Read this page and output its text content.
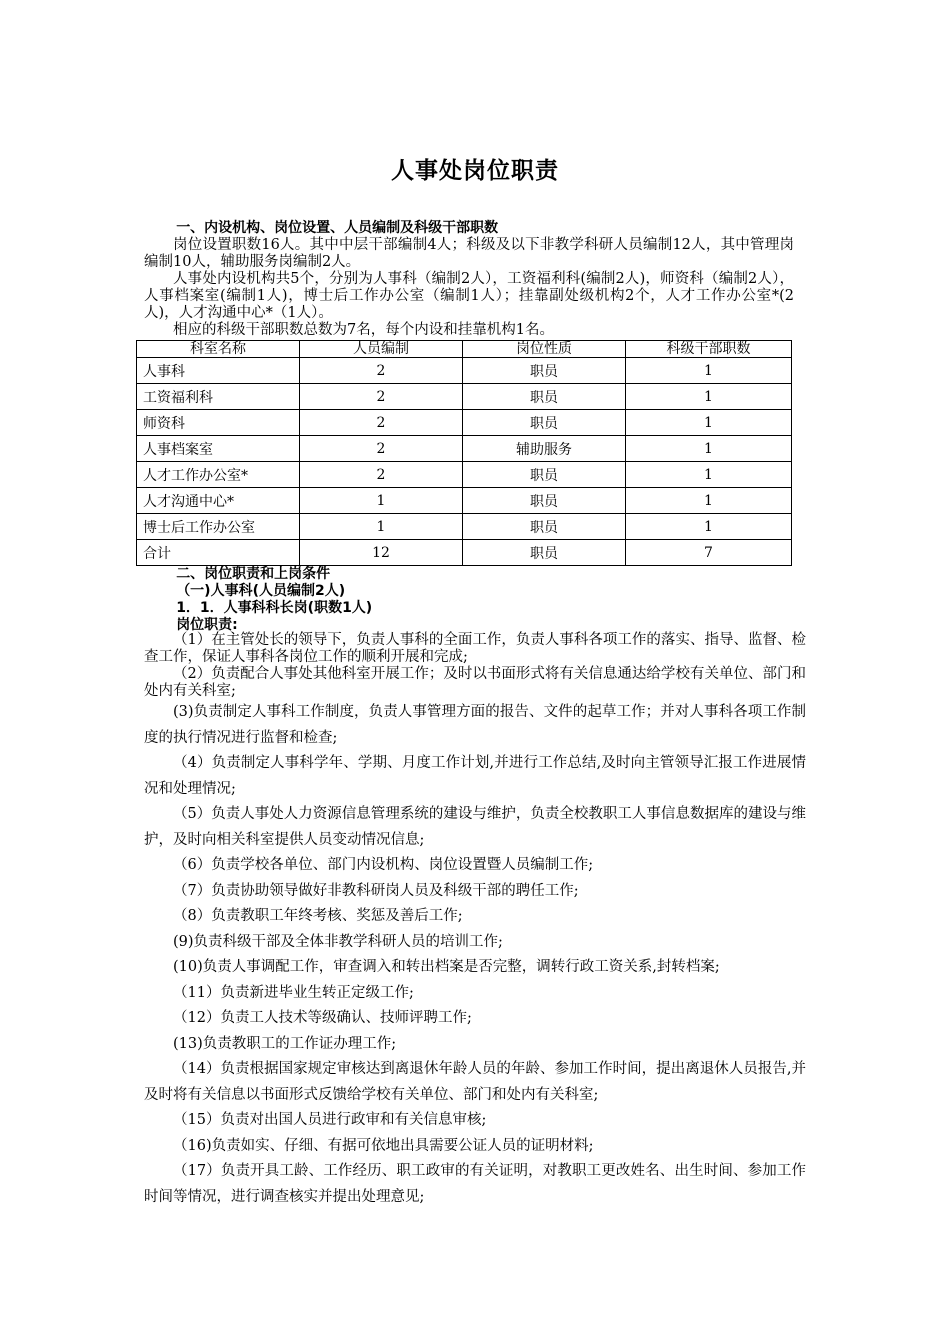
人事处岗位职责

一、内设机构、岗位设置、人员编制及科级干部职数

岗位设置职数16人。其中中层干部编制4人；科级及以下非教学科研人员编制12人，其中管理岗编制10人，辅助服务岗编制2人。

人事处内设机构共5个，分别为人事科（编制2人），工资福利科(编制2人)，师资科（编制2人），人事档案室(编制1人)，博士后工作办公室（编制1人）；挂靠副处级机构2个，人才工作办公室*(2人)，人才沟通中心*（1人）。

相应的科级干部职数总数为7名，每个内设和挂靠机构1名。

科室名称	人员编制	岗位性质	科级干部职数
人事科	2	职员	1
工资福利科	2	职员	1
师资科	2	职员	1
人事档案室	2	辅助服务	1
人才工作办公室*	2	职员	1
人才沟通中心*	1	职员	1
博士后工作办公室	1	职员	1
合计	12	职员	7

二、岗位职责和上岗条件

（一)人事科(人员编制2人)

1．1．人事科科长岗(职数1人)

岗位职责:

（1）在主管处长的领导下，负责人事科的全面工作，负责人事科各项工作的落实、指导、监督、检查工作，保证人事科各岗位工作的顺利开展和完成;

（2）负责配合人事处其他科室开展工作；及时以书面形式将有关信息通达给学校有关单位、部门和处内有关科室;

(3)负责制定人事科工作制度，负责人事管理方面的报告、文件的起草工作；并对人事科各项工作制度的执行情况进行监督和检查;

（4）负责制定人事科学年、学期、月度工作计划,并进行工作总结,及时向主管领导汇报工作进展情况和处理情况;

（5）负责人事处人力资源信息管理系统的建设与维护，负责全校教职工人事信息数据库的建设与维护，及时向相关科室提供人员变动情况信息;

（6）负责学校各单位、部门内设机构、岗位设置暨人员编制工作;

（7）负责协助领导做好非教科研岗人员及科级干部的聘任工作;

（8）负责教职工年终考核、奖惩及善后工作;

(9)负责科级干部及全体非教学科研人员的培训工作;

(10)负责人事调配工作，审查调入和转出档案是否完整，调转行政工资关系,封转档案;

（11）负责新进毕业生转正定级工作;

（12）负责工人技术等级确认、技师评聘工作;

(13)负责教职工的工作证办理工作;

（14）负责根据国家规定审核达到离退休年龄人员的年龄、参加工作时间，提出离退休人员报告,并及时将有关信息以书面形式反馈给学校有关单位、部门和处内有关科室;

（15）负责对出国人员进行政审和有关信息审核;

（16)负责如实、仔细、有据可依地出具需要公证人员的证明材料;

（17）负责开具工龄、工作经历、职工政审的有关证明，对教职工更改姓名、出生时间、参加工作时间等情况，进行调查核实并提出处理意见;
